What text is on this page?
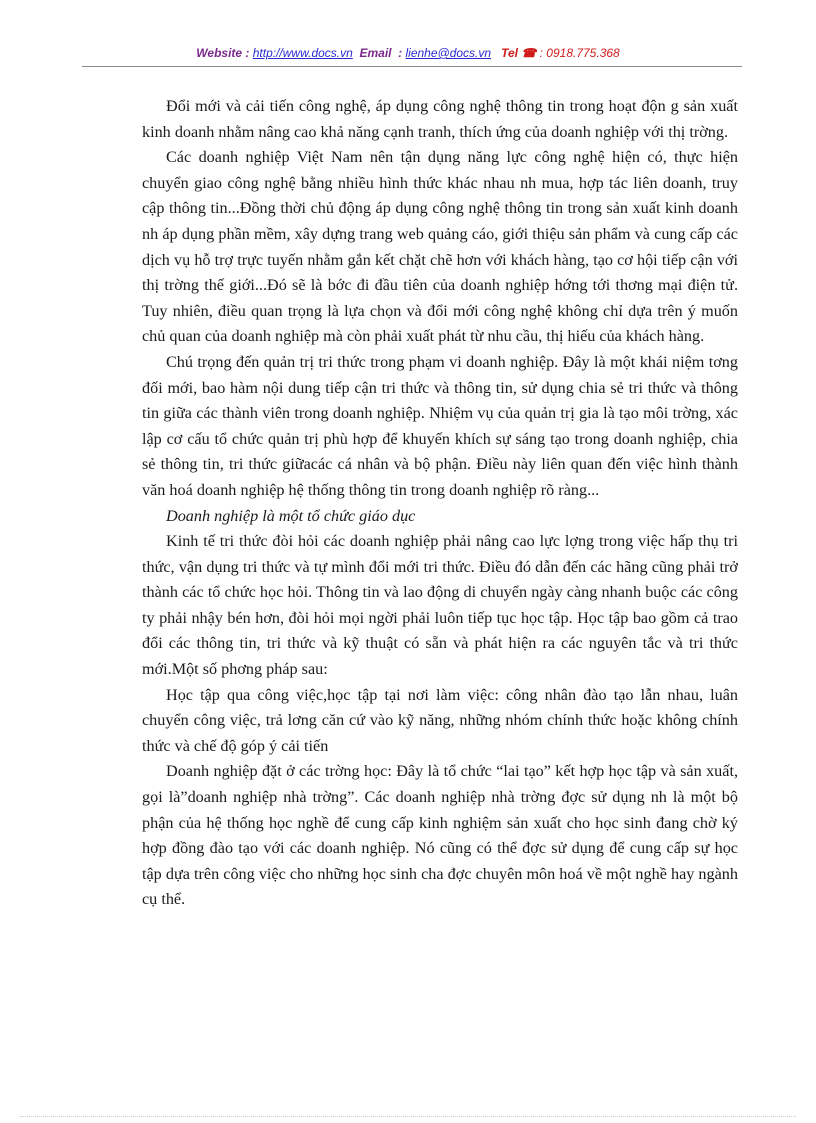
Website : http://www.docs.vn Email : lienhe@docs.vn Tel ☎ : 0918.775.368

Đổi mới và cải tiến công nghệ, áp dụng công nghệ thông tin trong hoạt độn g sản xuất kinh doanh nhằm nâng cao khả năng cạnh tranh, thích ứng của doanh nghiệp với thị trờng.

Các doanh nghiệp Việt Nam nên tận dụng năng lực công nghệ hiện có, thực hiện chuyển giao công nghệ bằng nhiều hình thức khác nhau nh mua, hợp tác liên doanh, truy cập thông tin...Đồng thời chủ động áp dụng công nghệ thông tin trong sản xuất kinh doanh nh áp dụng phần mềm, xây dựng trang web quảng cáo, giới thiệu sản phẩm và cung cấp các dịch vụ hỗ trợ trực tuyến nhằm gắn kết chặt chẽ hơn với khách hàng, tạo cơ hội tiếp cận với thị trờng thế giới...Đó sẽ là bớc đi đầu tiên của doanh nghiệp hớng tới thơng mại điện tử. Tuy nhiên, điều quan trọng là lựa chọn và đổi mới công nghệ không chỉ dựa trên ý muốn chủ quan của doanh nghiệp mà còn phải xuất phát từ nhu cầu, thị hiếu của khách hàng.

Chú trọng đến quản trị tri thức trong phạm vi doanh nghiệp. Đây là một khái niệm tơng đối mới, bao hàm nội dung tiếp cận tri thức và thông tin, sử dụng chia sẻ tri thức và thông tin giữa các thành viên trong doanh nghiệp. Nhiệm vụ của quản trị gia là tạo môi trờng, xác lập cơ cấu tổ chức quản trị phù hợp để khuyến khích sự sáng tạo trong doanh nghiệp, chia sẻ thông tin, tri thức giữacác cá nhân và bộ phận. Điều này liên quan đến việc hình thành văn hoá doanh nghiệp hệ thống thông tin trong doanh nghiệp rõ ràng...

Doanh nghiệp là một tổ chức giáo dục

Kinh tế tri thức đòi hỏi các doanh nghiệp phải nâng cao lực lợng trong việc hấp thụ tri thức, vận dụng tri thức và tự mình đổi mới tri thức. Điều đó dẫn đến các hãng cũng phải trở thành các tổ chức học hỏi. Thông tin và lao động di chuyển ngày càng nhanh buộc các công ty phải nhậy bén hơn, đòi hỏi mọi ngời phải luôn tiếp tục học tập. Học tập bao gồm cả trao đổi các thông tin, tri thức và kỹ thuật có sẵn và phát hiện ra các nguyên tắc và tri thức mới.Một số phơng pháp sau:

Học tập qua công việc,học tập tại nơi làm việc: công nhân đào tạo lẫn nhau, luân chuyển công việc, trả lơng căn cứ vào kỹ năng, những nhóm chính thức hoặc không chính thức và chế độ góp ý cải tiến

Doanh nghiệp đặt ở các trờng học: Đây là tổ chức “lai tạo” kết hợp học tập và sản xuất, gọi là”doanh nghiệp nhà trờng”. Các doanh nghiệp nhà trờng đợc sử dụng nh là một bộ phận của hệ thống học nghề để cung cấp kinh nghiệm sản xuất cho học sinh đang chờ ký hợp đồng đào tạo với các doanh nghiệp. Nó cũng có thể đợc sử dụng để cung cấp sự học tập dựa trên công việc cho những học sinh cha đợc chuyên môn hoá về một nghề hay ngành cụ thể.
